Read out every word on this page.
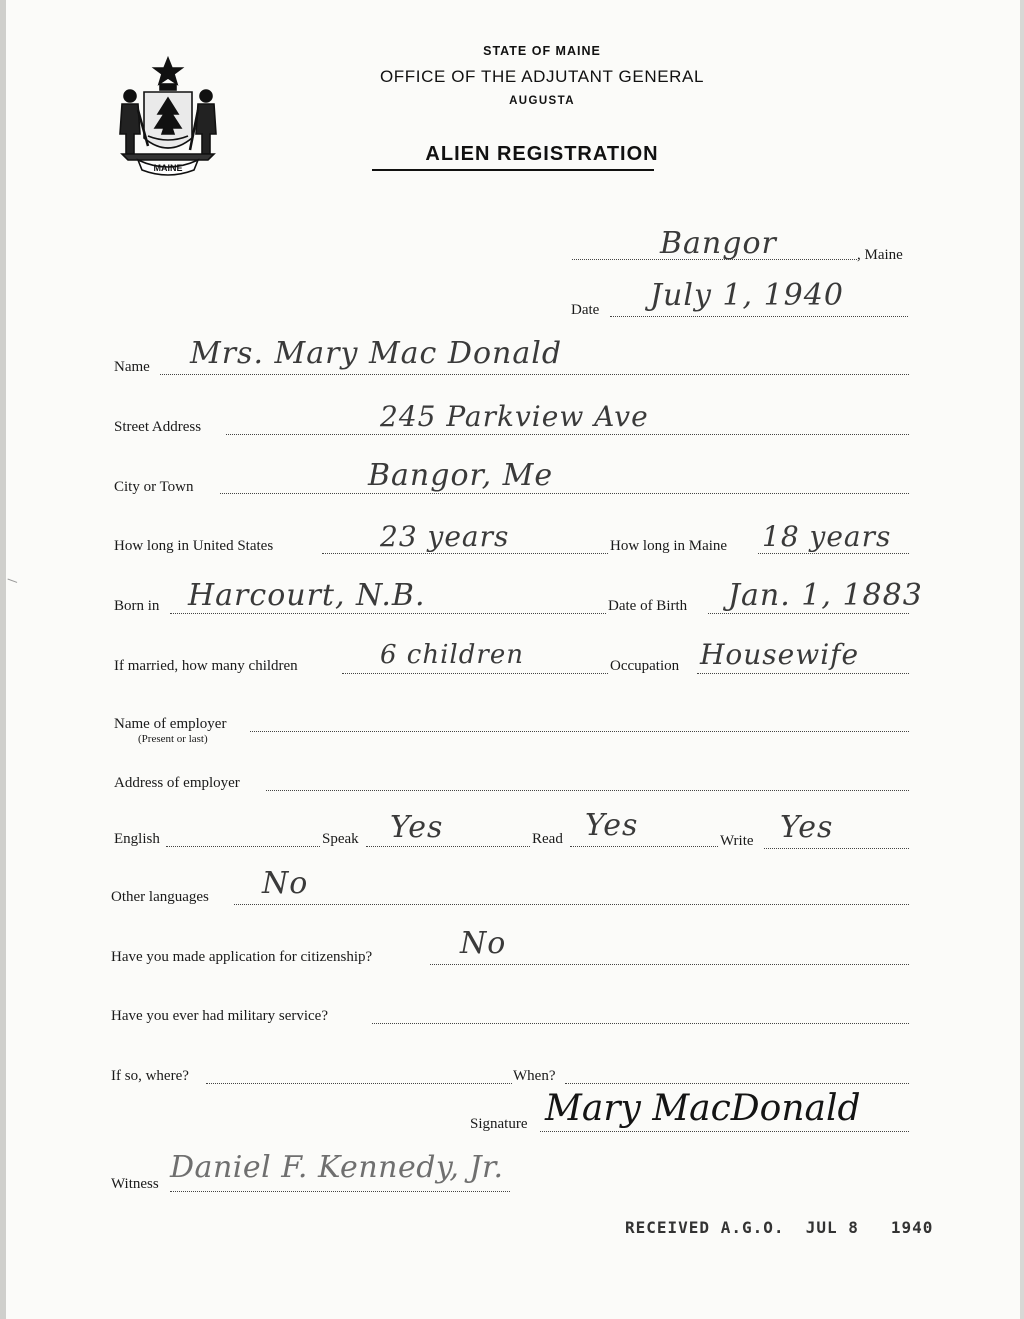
MAINE
STATE OF MAINE
OFFICE OF THE ADJUTANT GENERAL
AUGUSTA
ALIEN REGISTRATION
Bangor	, Maine
Date July 1, 1940
Name Mrs. Mary Mac Donald
Street Address	245 Parkview Ave
City or Town	Bangor, Me
How long in United States	23 years	How long in Maine 18 years
Born in Harcourt, N.B.	Date of Birth Jan. 1, 1883
If married, how many children	6 children	Occupation Housewife
Name of employer
(Present or last)
Address of employer
English	Speak Yes	Read Yes	Write Yes
Other languages No
Have you made application for citizenship?	No
Have you ever had military service?
If so, where?	When?
Signature Mary MacDonald
Witness Daniel F. Kennedy, Jr.
RECEIVED A.G.O. JUL 8 1940
